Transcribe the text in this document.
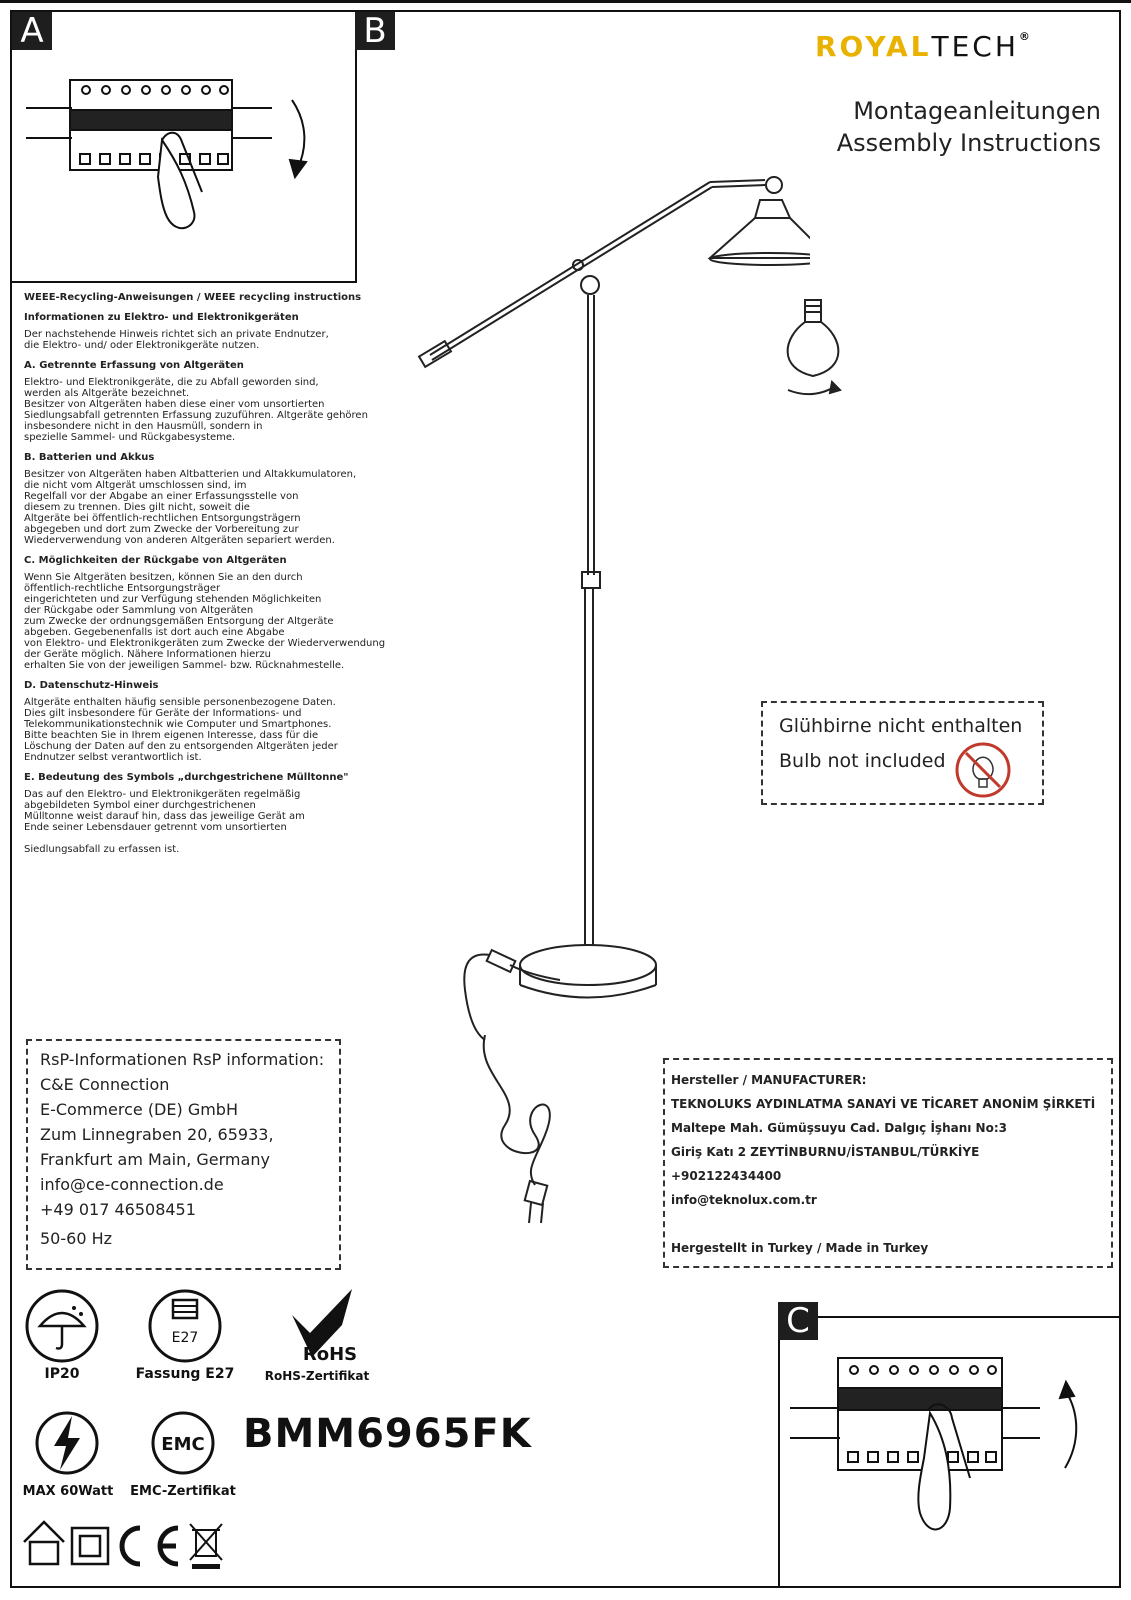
A	B	ROYALTECH®
Montageanleitungen
Assembly Instructions
WEEE-Recycling-Anweisungen / WEEE recycling instructions
Informationen zu Elektro- und Elektronikgeräten

Der nachstehende Hinweis richtet sich an private Endnutzer,
die Elektro- und/ oder Elektronikgeräte nutzen.

A. Getrennte Erfassung von Altgeräten

Elektro- und Elektronikgeräte, die zu Abfall geworden sind,
werden als Altgeräte bezeichnet.
Besitzer von Altgeräten haben diese einer vom unsortierten
Siedlungsabfall getrennten Erfassung zuzuführen. Altgeräte gehören
insbesondere nicht in den Hausmüll, sondern in
spezielle Sammel- und Rückgabesysteme.

B. Batterien und Akkus

Besitzer von Altgeräten haben Altbatterien und Altakkumulatoren,
die nicht vom Altgerät umschlossen sind, im
Regelfall vor der Abgabe an einer Erfassungsstelle von
diesem zu trennen. Dies gilt nicht, soweit die
Altgeräte bei öffentlich-rechtlichen Entsorgungsträgern
abgegeben und dort zum Zwecke der Vorbereitung zur
Wiederverwendung von anderen Altgeräten separiert werden.

C. Möglichkeiten der Rückgabe von Altgeräten

Wenn Sie Altgeräten besitzen, können Sie an den durch
öffentlich-rechtliche Entsorgungsträger
eingerichteten und zur Verfügung stehenden Möglichkeiten
der Rückgabe oder Sammlung von Altgeräten
zum Zwecke der ordnungsgemäßen Entsorgung der Altgeräte
abgeben. Gegebenenfalls ist dort auch eine Abgabe
von Elektro- und Elektronikgeräten zum Zwecke der Wiederverwendung
der Geräte möglich. Nähere Informationen hierzu
erhalten Sie von der jeweiligen Sammel- bzw. Rücknahmestelle.

D. Datenschutz-Hinweis

Altgeräte enthalten häufig sensible personenbezogene Daten.
Dies gilt insbesondere für Geräte der Informations- und
Telekommunikationstechnik wie Computer und Smartphones.
Bitte beachten Sie in Ihrem eigenen Interesse, dass für die
Löschung der Daten auf den zu entsorgenden Altgeräten jeder
Endnutzer selbst verantwortlich ist.

E. Bedeutung des Symbols „durchgestrichene Mülltonne"

Das auf den Elektro- und Elektronikgeräten regelmäßig
abgebildeten Symbol einer durchgestrichenen
Mülltonne weist darauf hin, dass das jeweilige Gerät am
Ende seiner Lebensdauer getrennt vom unsortierten

Siedlungsabfall zu erfassen ist.

Glühbirne nicht enthalten
Bulb not included
RsP-Informationen RsP information:
C&E Connection
E-Commerce (DE) GmbH
Zum Linnegraben 20, 65933,
Frankfurt am Main, Germany
info@ce-connection.de
+49 017 46508451
50-60 Hz
Hersteller / MANUFACTURER:
TEKNOLUKS AYDINLATMA SANAYİ VE TİCARET ANONİM ŞİRKETİ
Maltepe Mah. Gümüşsuyu Cad. Dalgıç İşhanı No:3
Giriş Katı 2 ZEYTİNBURNU/İSTANBUL/TÜRKİYE
+902122434400
info@teknolux.com.tr
Hergestellt in Turkey / Made in Turkey
C
IP20
E27
Fassung E27
RoHS
RoHS-Zertifikat
MAX 60Watt
EMC
EMC-Zertifikat
BMM6965FK
